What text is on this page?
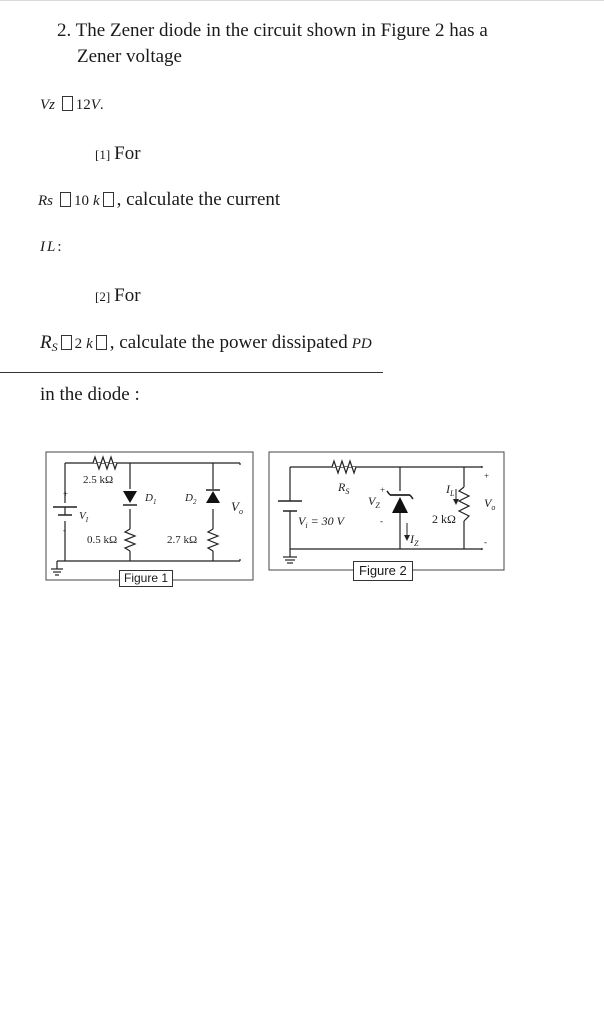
2. The Zener diode in the circuit shown in Figure 2 has a
Zener voltage
Vz 12V.
[1] For
Rs 10 k , calculate the current
IL:
[2] For
$R_S$ 2 k , calculate the power dissipated PD
in the diode :
2.5 kΩ
+
-
$V_I$
$D_1$	$D_2$	$V_o$
0.5 kΩ	2.7 kΩ
Figure 1
$R_S$	+
$V_Z$
-
$V_i = 30$ V
$I_Z$
$I_L$
2 kΩ
$V_o$
+
-
Figure 2
